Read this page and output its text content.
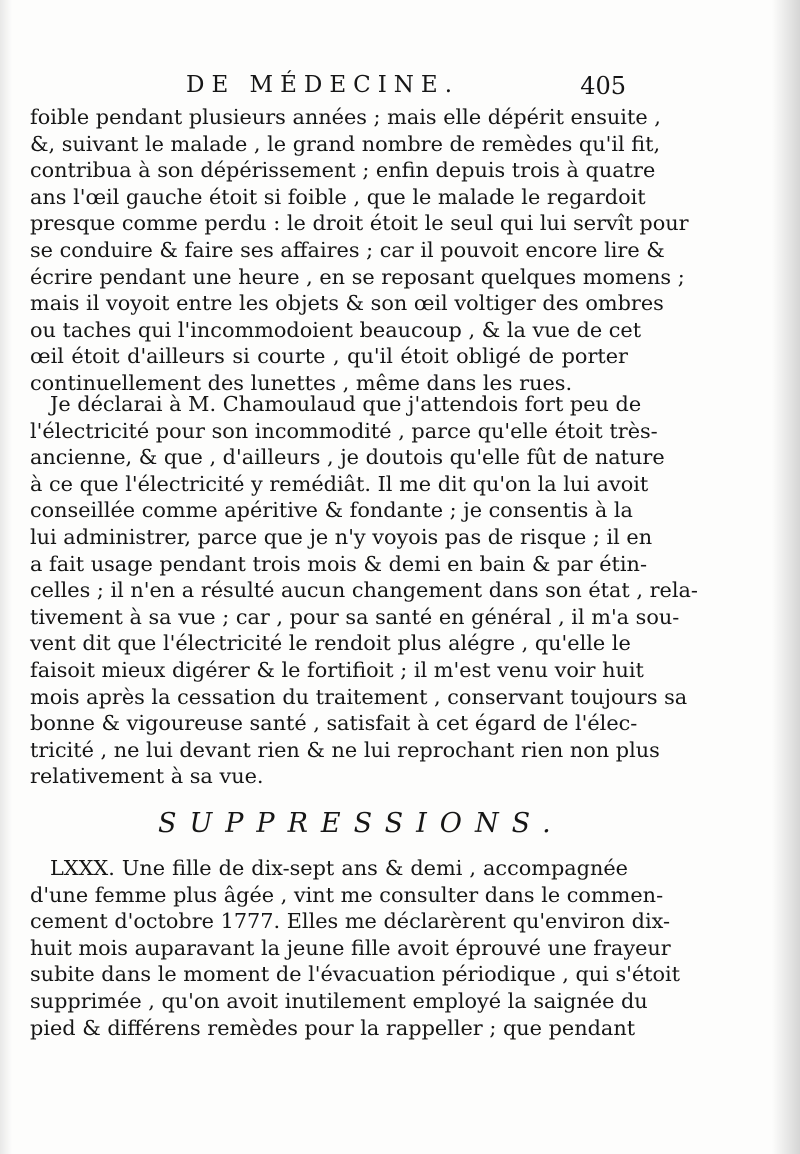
DE MÉDECINE.	405
foible pendant plusieurs années ; mais elle dépérit ensuite ,
&, suivant le malade , le grand nombre de remèdes qu'il fit,
contribua à son dépérissement ; enfin depuis trois à quatre
ans l'œil gauche étoit si foible , que le malade le regardoit
presque comme perdu : le droit étoit le seul qui lui servît pour
se conduire & faire ses affaires ; car il pouvoit encore lire &
écrire pendant une heure , en se reposant quelques momens ;
mais il voyoit entre les objets & son œil voltiger des ombres
ou taches qui l'incommodoient beaucoup , & la vue de cet
œil étoit d'ailleurs si courte , qu'il étoit obligé de porter
continuellement des lunettes , même dans les rues.
Je déclarai à M. Chamoulaud que j'attendois fort peu de
l'électricité pour son incommodité , parce qu'elle étoit très-
ancienne, & que , d'ailleurs , je doutois qu'elle fût de nature
à ce que l'électricité y remédiât. Il me dit qu'on la lui avoit
conseillée comme apéritive & fondante ; je consentis à la
lui administrer, parce que je n'y voyois pas de risque ; il en
a fait usage pendant trois mois & demi en bain & par étin-
celles ; il n'en a résulté aucun changement dans son état , rela-
tivement à sa vue ; car , pour sa santé en général , il m'a sou-
vent dit que l'électricité le rendoit plus alégre , qu'elle le
faisoit mieux digérer & le fortifioit ; il m'est venu voir huit
mois après la cessation du traitement , conservant toujours sa
bonne & vigoureuse santé , satisfait à cet égard de l'élec-
tricité , ne lui devant rien & ne lui reprochant rien non plus
relativement à sa vue.
SUPPRESSIONS.
LXXX. Une fille de dix-sept ans & demi , accompagnée
d'une femme plus âgée , vint me consulter dans le commen-
cement d'octobre 1777. Elles me déclarèrent qu'environ dix-
huit mois auparavant la jeune fille avoit éprouvé une frayeur
subite dans le moment de l'évacuation périodique , qui s'étoit
supprimée , qu'on avoit inutilement employé la saignée du
pied & différens remèdes pour la rappeller ; que pendant
